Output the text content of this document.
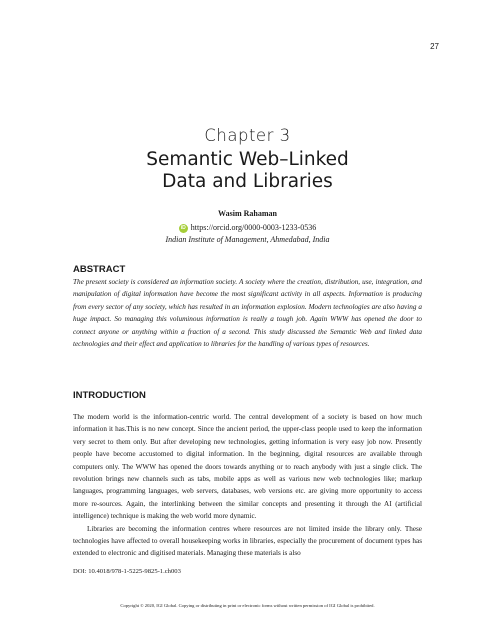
27
Chapter 3
Semantic Web–Linked
Data and Libraries
Wasim Rahaman
iD https://orcid.org/0000-0003-1233-0536
Indian Institute of Management, Ahmedabad, India
ABSTRACT
The present society is considered an information society. A society where the creation, distribution, use, integration, and manipulation of digital information have become the most significant activity in all aspects. Information is producing from every sector of any society, which has resulted in an information explosion. Modern technologies are also having a huge impact. So managing this voluminous information is really a tough job. Again WWW has opened the door to connect anyone or anything within a fraction of a second. This study discussed the Semantic Web and linked data technologies and their effect and application to libraries for the handling of various types of resources.
INTRODUCTION

The modern world is the information-centric world. The central development of a society is based on how much information it has.This is no new concept. Since the ancient period, the upper-class people used to keep the information very secret to them only. But after developing new technologies, getting information is very easy job now. Presently people have become accustomed to digital information. In the beginning, digital resources are available through computers only. The WWW has opened the doors towards anything or to reach anybody with just a single click. The revolution brings new channels such as tabs, mobile apps as well as various new web technologies like; markup languages, programming languages, web servers, databases, web versions etc. are giving more opportunity to access more re-sources. Again, the interlinking between the similar concepts and presenting it through the AI (artificial intelligence) technique is making the web world more dynamic.

Libraries are becoming the information centres where resources are not limited inside the library only. These technologies have affected to overall housekeeping works in libraries, especially the procurement of document types has extended to electronic and digitised materials. Managing these materials is also

DOI: 10.4018/978-1-5225-9825-1.ch003
Copyright © 2020, IGI Global. Copying or distributing in print or electronic forms without written permission of IGI Global is prohibited.
